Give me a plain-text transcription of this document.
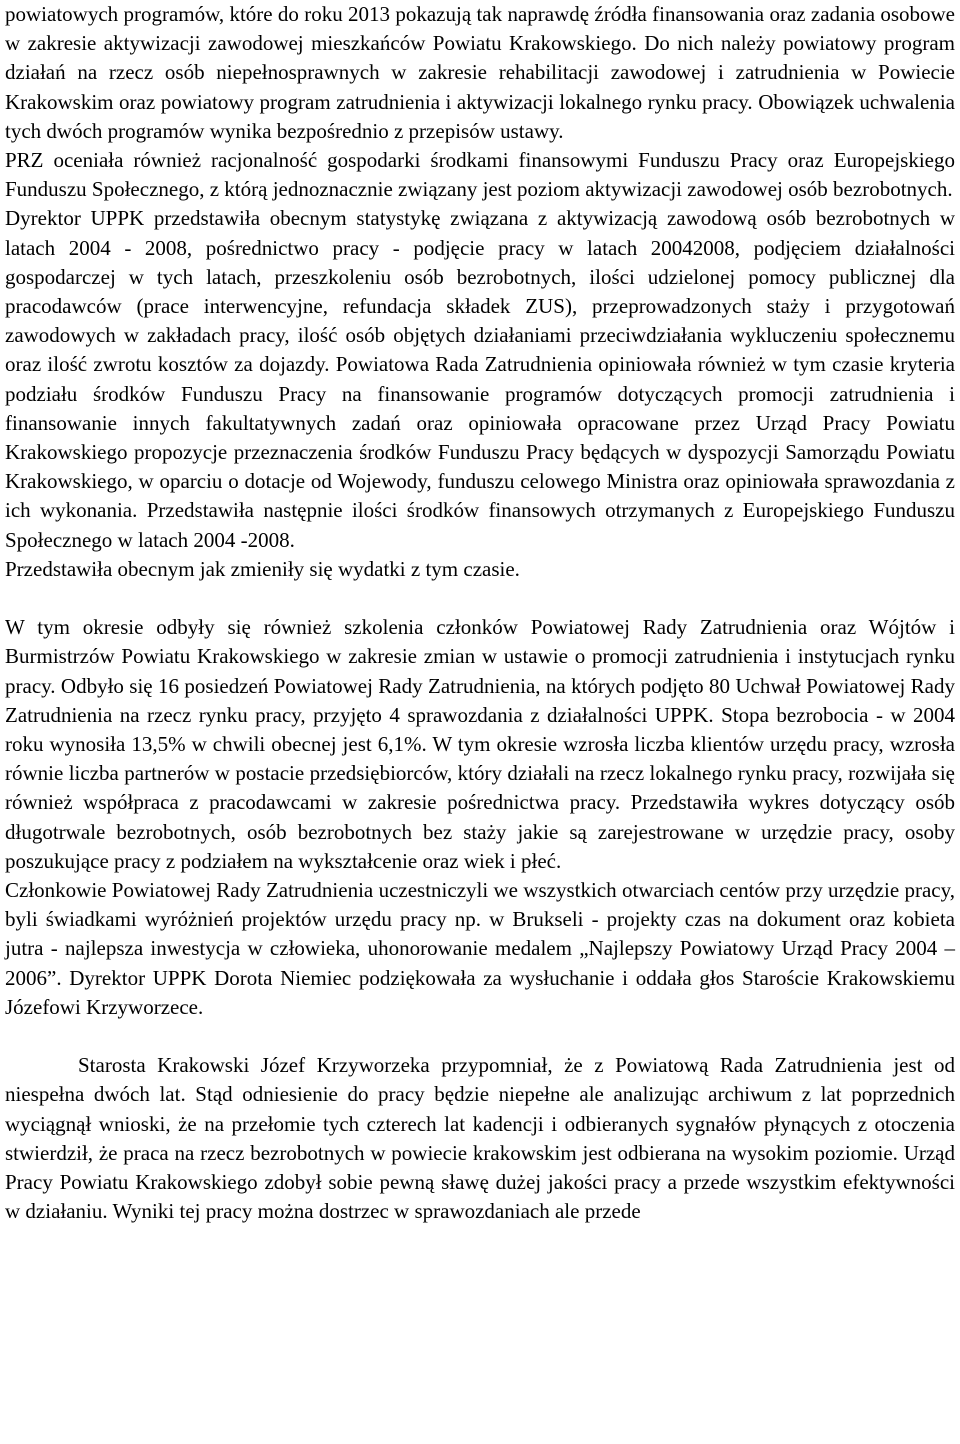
powiatowych programów, które do roku 2013 pokazują tak naprawdę źródła finansowania oraz zadania osobowe w zakresie aktywizacji zawodowej mieszkańców Powiatu Krakowskiego. Do nich należy powiatowy program działań na rzecz osób niepełnosprawnych w zakresie rehabilitacji zawodowej i zatrudnienia w Powiecie Krakowskim oraz powiatowy program zatrudnienia i aktywizacji lokalnego rynku pracy. Obowiązek uchwalenia tych dwóch programów wynika bezpośrednio z przepisów ustawy.

PRZ oceniała również racjonalność gospodarki środkami finansowymi Funduszu Pracy oraz Europejskiego Funduszu Społecznego, z którą jednoznacznie związany jest poziom aktywizacji zawodowej osób bezrobotnych.

Dyrektor UPPK przedstawiła obecnym statystykę związana z aktywizacją zawodową osób bezrobotnych w latach 2004 - 2008, pośrednictwo pracy - podjęcie pracy w latach 20042008, podjęciem działalności gospodarczej w tych latach, przeszkoleniu osób bezrobotnych, ilości udzielonej pomocy publicznej dla pracodawców (prace interwencyjne, refundacja składek ZUS), przeprowadzonych staży i przygotowań zawodowych w zakładach pracy, ilość osób objętych działaniami przeciwdziałania wykluczeniu społecznemu oraz ilość zwrotu kosztów za dojazdy. Powiatowa Rada Zatrudnienia opiniowała również w tym czasie kryteria podziału środków Funduszu Pracy na finansowanie programów dotyczących promocji zatrudnienia i finansowanie innych fakultatywnych zadań oraz opiniowała opracowane przez Urząd Pracy Powiatu Krakowskiego propozycje przeznaczenia środków Funduszu Pracy będących w dyspozycji Samorządu Powiatu Krakowskiego, w oparciu o dotacje od Wojewody, funduszu celowego Ministra oraz opiniowała sprawozdania z ich wykonania. Przedstawiła następnie ilości środków finansowych otrzymanych z Europejskiego Funduszu Społecznego w latach 2004 -2008.

Przedstawiła obecnym jak zmieniły się wydatki z tym czasie.

W tym okresie odbyły się również szkolenia członków Powiatowej Rady Zatrudnienia oraz Wójtów i Burmistrzów Powiatu Krakowskiego w zakresie zmian w ustawie o promocji zatrudnienia i instytucjach rynku pracy. Odbyło się 16 posiedzeń Powiatowej Rady Zatrudnienia, na których podjęto 80 Uchwał Powiatowej Rady Zatrudnienia na rzecz rynku pracy, przyjęto 4 sprawozdania z działalności UPPK. Stopa bezrobocia - w 2004 roku wynosiła 13,5% w chwili obecnej jest 6,1%. W tym okresie wzrosła liczba klientów urzędu pracy, wzrosła równie liczba partnerów w postacie przedsiębiorców, który działali na rzecz lokalnego rynku pracy, rozwijała się również współpraca z pracodawcami w zakresie pośrednictwa pracy. Przedstawiła wykres dotyczący osób długotrwale bezrobotnych, osób bezrobotnych bez staży jakie są zarejestrowane w urzędzie pracy, osoby poszukujące pracy z podziałem na wykształcenie oraz wiek i płeć.

Członkowie Powiatowej Rady Zatrudnienia uczestniczyli we wszystkich otwarciach centów przy urzędzie pracy, byli świadkami wyróżnień projektów urzędu pracy np. w Brukseli - projekty czas na dokument oraz kobieta jutra - najlepsza inwestycja w człowieka, uhonorowanie medalem „Najlepszy Powiatowy Urząd Pracy 2004 – 2006”. Dyrektor UPPK Dorota Niemiec podziękowała za wysłuchanie i oddała głos Staroście Krakowskiemu Józefowi Krzyworzece.

Starosta Krakowski Józef Krzyworzeka przypomniał, że z Powiatową Rada Zatrudnienia jest od niespełna dwóch lat. Stąd odniesienie do pracy będzie niepełne ale analizując archiwum z lat poprzednich wyciągnął wnioski, że na przełomie tych czterech lat kadencji i odbieranych sygnałów płynących z otoczenia stwierdził, że praca na rzecz bezrobotnych w powiecie krakowskim jest odbierana na wysokim poziomie. Urząd Pracy Powiatu Krakowskiego zdobył sobie pewną sławę dużej jakości pracy a przede wszystkim efektywności w działaniu. Wyniki tej pracy można dostrzec w sprawozdaniach ale przede
